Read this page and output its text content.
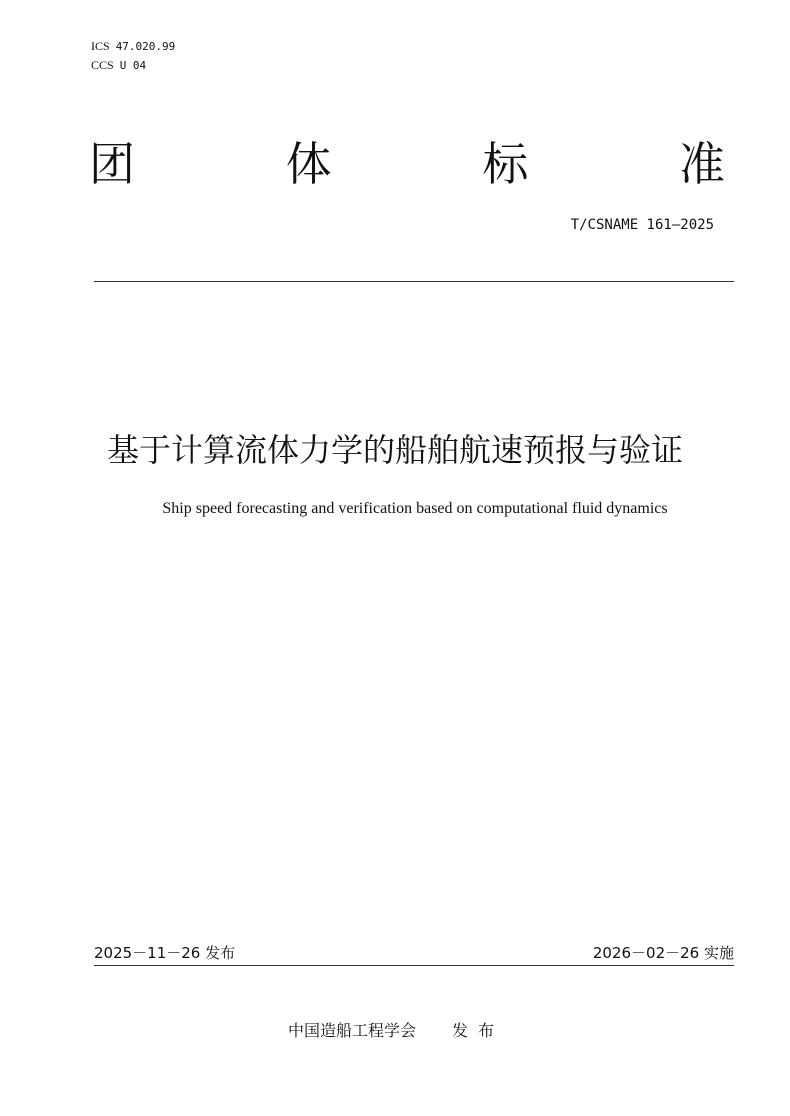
ICS 47.020.99
CCS U 04
团	体	标	准
T/CSNAME 161—2025
基于计算流体力学的船舶航速预报与验证
Ship speed forecasting and verification based on computational fluid dynamics
2025－11－26 发布	2026－02－26 实施
中国造船工程学会 发布
